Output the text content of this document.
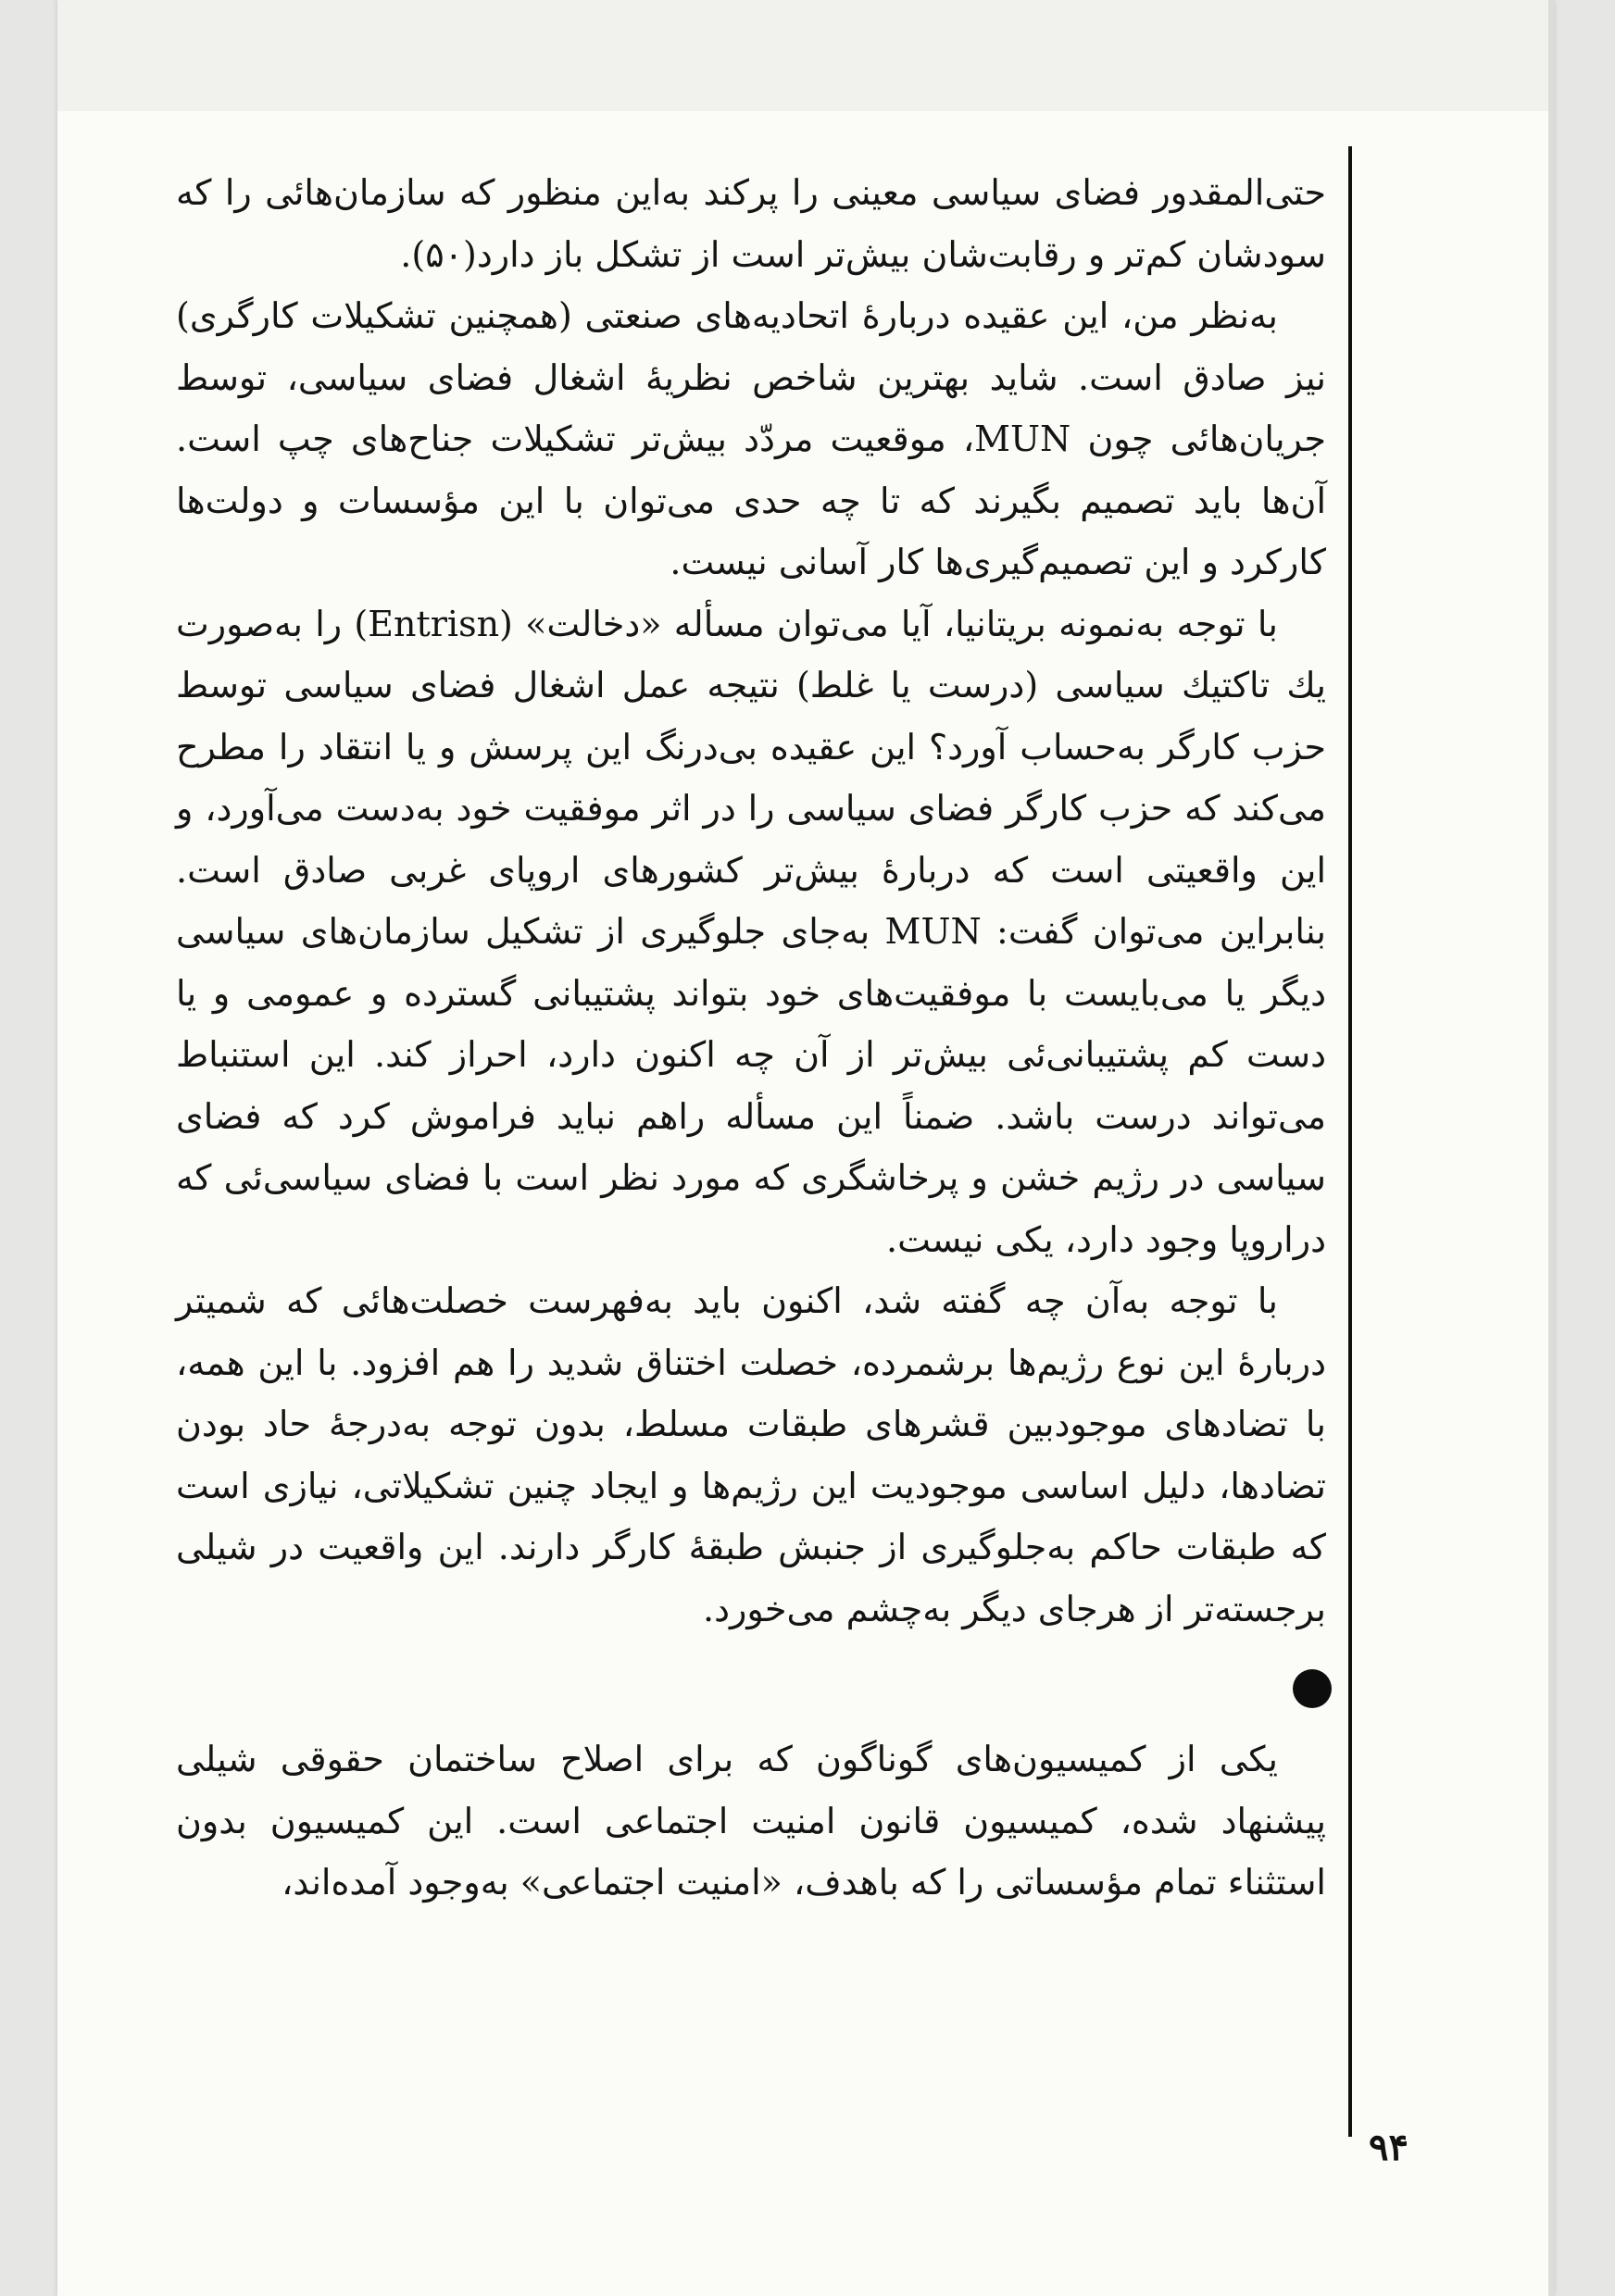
حتی‌المقدور فضای سیاسی معینی را پرکند به‌این منظور که سازمان‌هائی را که سودشان کم‌تر و رقابت‌شان بیش‌تر است از تشکل باز دارد(۵۰).

به‌نظر من، این عقیده دربارهٔ اتحادیه‌های صنعتی (همچنین تشکیلات کارگری) نیز صادق است. شاید بهترین شاخص نظریهٔ اشغال فضای سیاسی، توسط جریان‌هائی چون MUN، موقعیت مردّد بیش‌تر تشکیلات جناح‌های چپ است. آن‌ها باید تصمیم بگیرند که تا چه حدی می‌توان با این مؤسسات و دولت‌ها کارکرد و این تصمیم‌گیری‌ها کار آسانی نیست.

با توجه به‌نمونه بریتانیا، آیا می‌توان مسأله «دخالت» (Entrisn) را به‌صورت یك تاکتیك سیاسی (درست یا غلط) نتیجه عمل اشغال فضای سیاسی توسط حزب کارگر به‌حساب آورد؟ این عقیده بی‌درنگ این پرسش و یا انتقاد را مطرح می‌کند که حزب کارگر فضای سیاسی را در اثر موفقیت خود به‌دست می‌آورد، و این واقعیتی است که دربارهٔ بیش‌تر کشورهای اروپای غربی صادق است. بنابراین می‌توان گفت: MUN به‌جای جلوگیری از تشکیل سازمان‌های سیاسی دیگر یا می‌بایست با موفقیت‌های خود بتواند پشتیبانی گسترده و عمومی و یا دست کم پشتیبانی‌ئی بیش‌تر از آن چه اکنون دارد، احراز کند. این استنباط می‌تواند درست باشد. ضمناً این مسأله راهم نباید فراموش کرد که فضای سیاسی در رژیم خشن و پرخاشگری که مورد نظر است با فضای سیاسی‌ئی که دراروپا وجود دارد، یکی نیست.

با توجه به‌آن چه گفته شد، اکنون باید به‌فهرست خصلت‌هائی که شمیتر دربارهٔ این نوع رژیم‌ها برشمرده، خصلت اختناق شدید را هم افزود. با این همه، با تضادهای موجودبین قشرهای طبقات مسلط، بدون توجه به‌درجهٔ حاد بودن تضادها، دلیل اساسی موجودیت این رژیم‌ها و ایجاد چنین تشکیلاتی، نیازی است که طبقات حاکم به‌جلوگیری از جنبش طبقهٔ کارگر دارند. این واقعیت در شیلی برجسته‌تر از هرجای دیگر به‌چشم می‌خورد.

یکی از کمیسیون‌های گوناگون که برای اصلاح ساختمان حقوقی شیلی پیشنهاد شده، کمیسیون قانون امنیت اجتماعی است. این کمیسیون بدون استثناء تمام مؤسساتی را که باهدف، «امنیت اجتماعی» به‌وجود آمده‌اند،

۹۴
